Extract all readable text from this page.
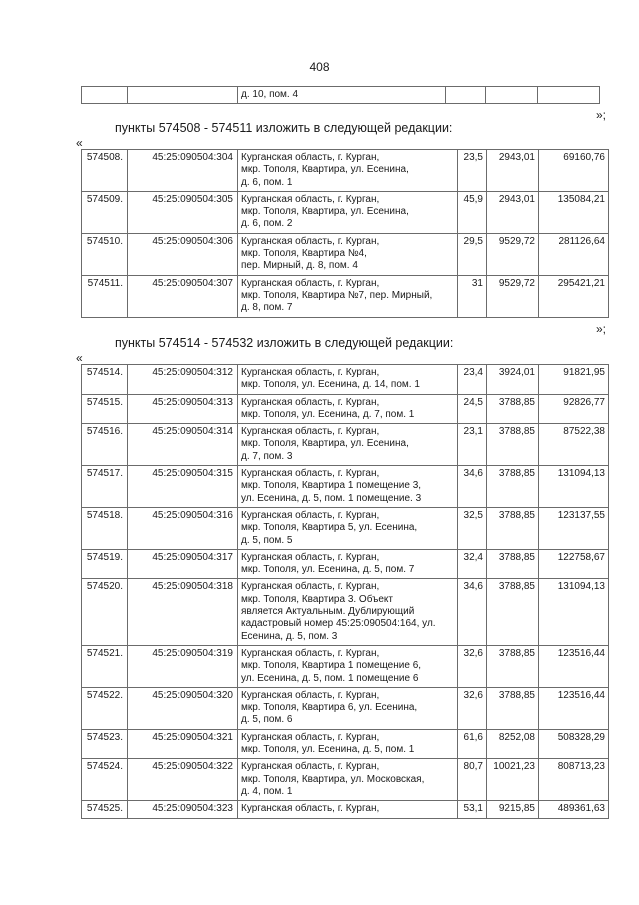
408
		д. 10, пом. 4			
»;
пункты 574508 - 574511 изложить в следующей редакции:
«
574508.	45:25:090504:304	Курганская область, г. Курган,
мкр. Тополя, Квартира, ул. Есенина,
д. 6, пом. 1	23,5	2943,01	69160,76
574509.	45:25:090504:305	Курганская область, г. Курган,
мкр. Тополя, Квартира, ул. Есенина,
д. 6, пом. 2	45,9	2943,01	135084,21
574510.	45:25:090504:306	Курганская область, г. Курган,
мкр. Тополя, Квартира №4,
пер. Мирный, д. 8, пом. 4	29,5	9529,72	281126,64
574511.	45:25:090504:307	Курганская область, г. Курган,
мкр. Тополя, Квартира №7, пер. Мирный,
д. 8, пом. 7	31	9529,72	295421,21
»;
пункты 574514 - 574532 изложить в следующей редакции:
«
574514.	45:25:090504:312	Курганская область, г. Курган,
мкр. Тополя, ул. Есенина, д. 14, пом. 1	23,4	3924,01	91821,95
574515.	45:25:090504:313	Курганская область, г. Курган,
мкр. Тополя, ул. Есенина, д. 7, пом. 1	24,5	3788,85	92826,77
574516.	45:25:090504:314	Курганская область, г. Курган,
мкр. Тополя, Квартира, ул. Есенина,
д. 7, пом. 3	23,1	3788,85	87522,38
574517.	45:25:090504:315	Курганская область, г. Курган,
мкр. Тополя, Квартира 1 помещение 3,
ул. Есенина, д. 5, пом. 1 помещение. 3	34,6	3788,85	131094,13
574518.	45:25:090504:316	Курганская область, г. Курган,
мкр. Тополя, Квартира 5, ул. Есенина,
д. 5, пом. 5	32,5	3788,85	123137,55
574519.	45:25:090504:317	Курганская область, г. Курган,
мкр. Тополя, ул. Есенина, д. 5, пом. 7	32,4	3788,85	122758,67
574520.	45:25:090504:318	Курганская область, г. Курган,
мкр. Тополя, Квартира 3. Объект
является Актуальным. Дублирующий
кадастровый номер 45:25:090504:164, ул.
Есенина, д. 5, пом. 3	34,6	3788,85	131094,13
574521.	45:25:090504:319	Курганская область, г. Курган,
мкр. Тополя, Квартира 1 помещение 6,
ул. Есенина, д. 5, пом. 1 помещение 6	32,6	3788,85	123516,44
574522.	45:25:090504:320	Курганская область, г. Курган,
мкр. Тополя, Квартира 6, ул. Есенина,
д. 5, пом. 6	32,6	3788,85	123516,44
574523.	45:25:090504:321	Курганская область, г. Курган,
мкр. Тополя, ул. Есенина, д. 5, пом. 1	61,6	8252,08	508328,29
574524.	45:25:090504:322	Курганская область, г. Курган,
мкр. Тополя, Квартира, ул. Московская,
д. 4, пом. 1	80,7	10021,23	808713,23
574525.	45:25:090504:323	Курганская область, г. Курган,	53,1	9215,85	489361,63
